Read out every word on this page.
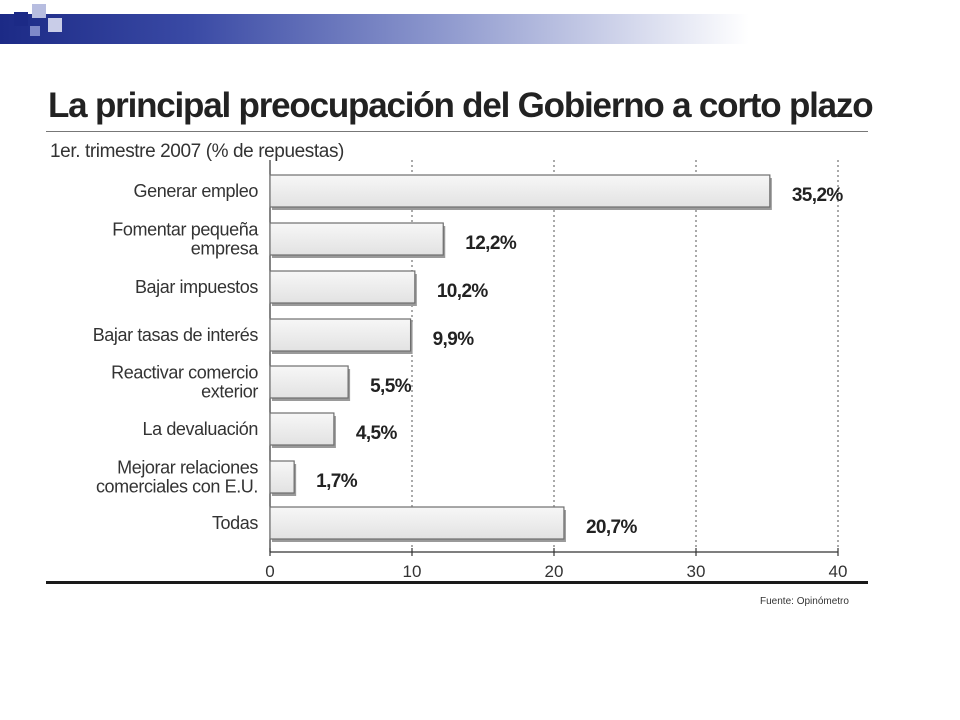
La principal preocupación del Gobierno a corto plazo
1er. trimestre 2007 (% de repuestas)
0	10	20	30	40
35,2%
Generar empleo
12,2%
Fomentar pequeña empresa
10,2%
Bajar impuestos
9,9%
Bajar tasas de interés
5,5%
Reactivar comercio exterior
4,5%
La devaluación
1,7%
Mejorar relaciones comerciales con E.U.
20,7%
Todas
Fuente: Opinómetro
